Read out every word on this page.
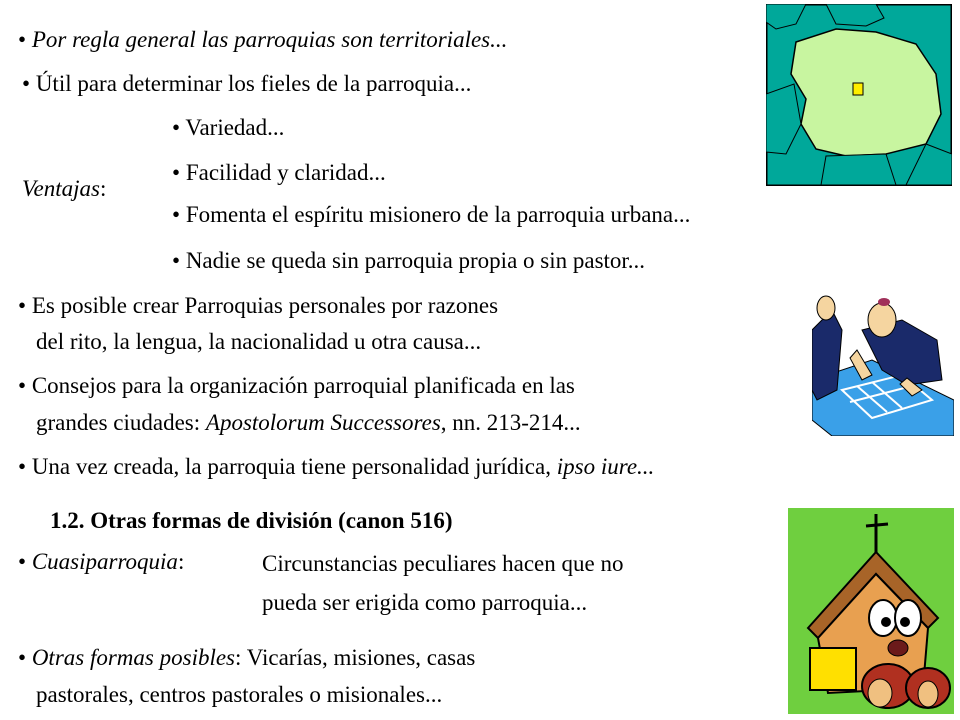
• Por regla general las parroquias son territoriales...
• Útil para determinar los fieles de la parroquia...
Ventajas:
• Variedad...
• Facilidad y claridad...
• Fomenta el espíritu misionero de la parroquia urbana...
• Nadie se queda sin parroquia propia o sin pastor...
• Es posible crear Parroquias personales por razones
del rito, la lengua, la nacionalidad u otra causa...
• Consejos para la organización parroquial planificada en las
grandes ciudades: Apostolorum Successores, nn. 213-214...
• Una vez creada, la parroquia tiene personalidad jurídica, ipso iure...
1.2. Otras formas de división (canon 516)
• Cuasiparroquia:	Circunstancias peculiares hacen que no
pueda ser erigida como parroquia...
• Otras formas posibles: Vicarías, misiones, casas
pastorales, centros pastorales o misionales...
